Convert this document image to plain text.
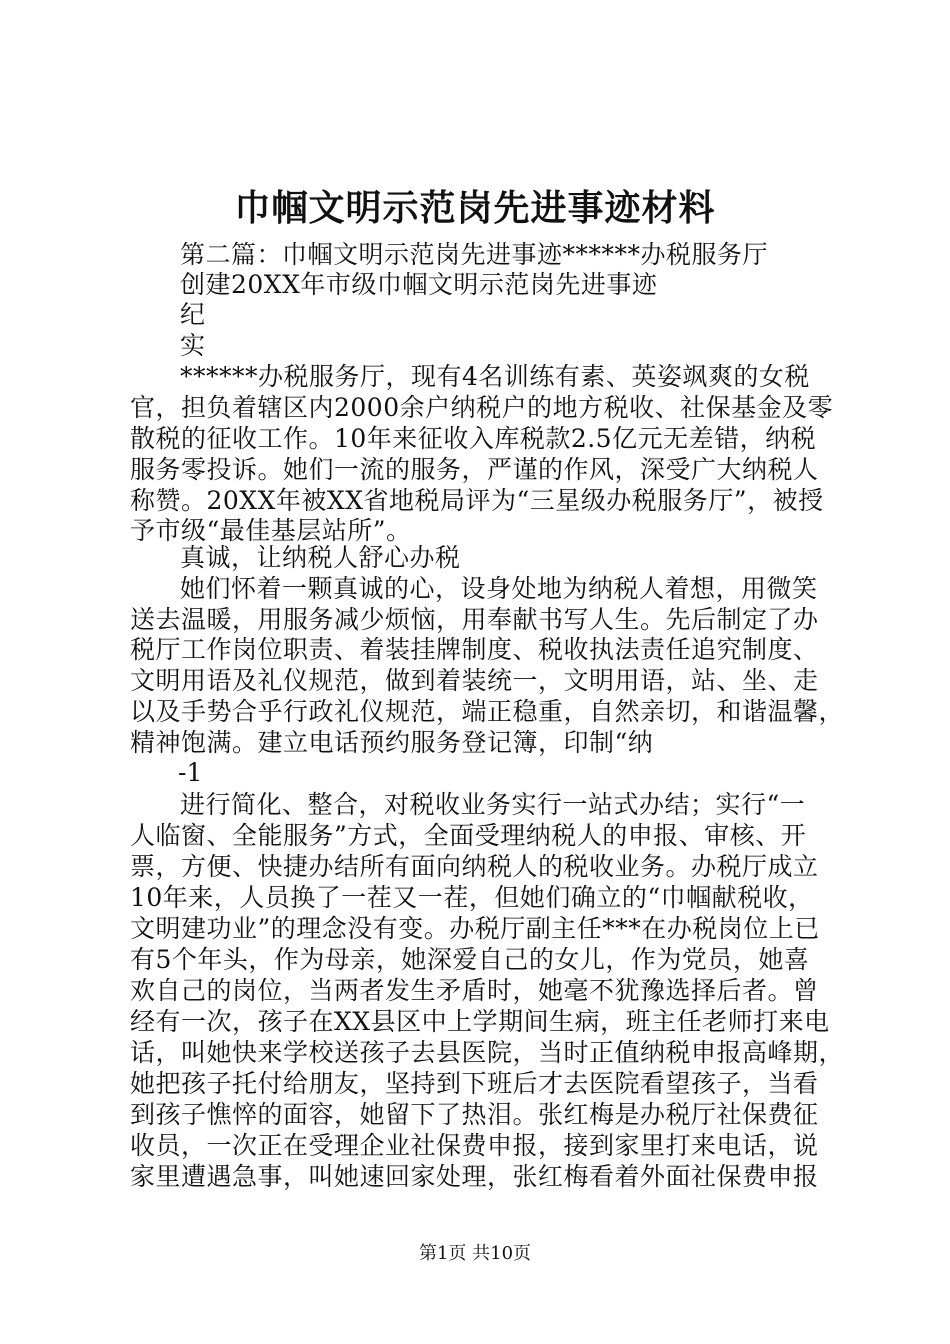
巾帼文明示范岗先进事迹材料
第二篇：巾帼文明示范岗先进事迹******办税服务厅
创建20XX年市级巾帼文明示范岗先进事迹
纪
实
******办税服务厅，现有4名训练有素、英姿飒爽的女税
官，担负着辖区内2000余户纳税户的地方税收、社保基金及零
散税的征收工作。10年来征收入库税款2.5亿元无差错，纳税
服务零投诉。她们一流的服务，严谨的作风，深受广大纳税人
称赞。20XX年被XX省地税局评为“三星级办税服务厅”，被授
予市级“最佳基层站所”。
真诚，让纳税人舒心办税
她们怀着一颗真诚的心，设身处地为纳税人着想，用微笑
送去温暖，用服务减少烦恼，用奉献书写人生。先后制定了办
税厅工作岗位职责、着装挂牌制度、税收执法责任追究制度、
文明用语及礼仪规范，做到着装统一，文明用语，站、坐、走
以及手势合乎行政礼仪规范，端正稳重，自然亲切，和谐温馨，
精神饱满。建立电话预约服务登记簿，印制“纳
-1
进行简化、整合，对税收业务实行一站式办结；实行“一
人临窗、全能服务”方式，全面受理纳税人的申报、审核、开
票，方便、快捷办结所有面向纳税人的税收业务。办税厅成立
10年来，人员换了一茬又一茬，但她们确立的“巾帼献税收，
文明建功业”的理念没有变。办税厅副主任***在办税岗位上已
有5个年头，作为母亲，她深爱自己的女儿，作为党员，她喜
欢自己的岗位，当两者发生矛盾时，她毫不犹豫选择后者。曾
经有一次，孩子在XX县区中上学期间生病，班主任老师打来电
话，叫她快来学校送孩子去县医院，当时正值纳税申报高峰期，
她把孩子托付给朋友，坚持到下班后才去医院看望孩子，当看
到孩子憔悴的面容，她留下了热泪。张红梅是办税厅社保费征
收员，一次正在受理企业社保费申报，接到家里打来电话，说
家里遭遇急事，叫她速回家处理，张红梅看着外面社保费申报
第1页 共10页
